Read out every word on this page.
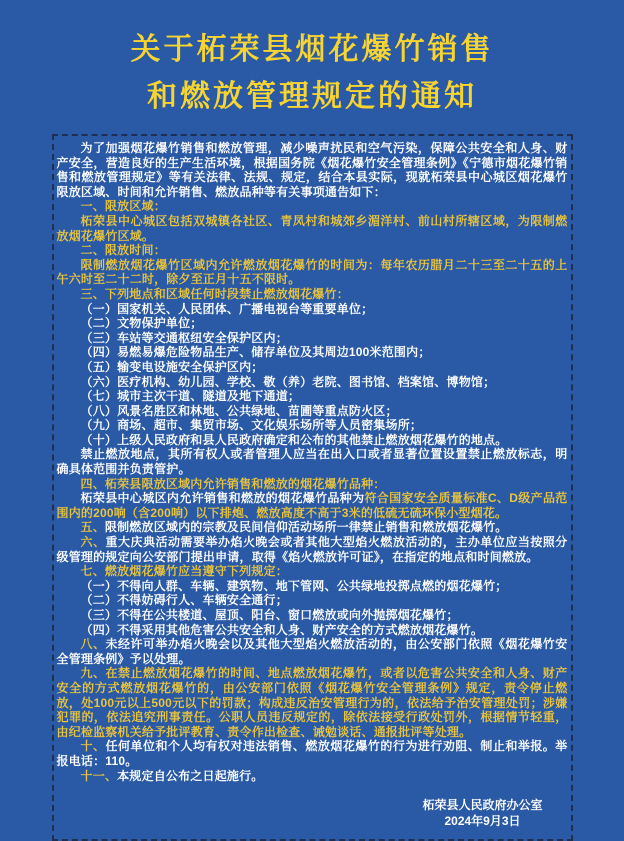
关于柘荣县烟花爆竹销售
和燃放管理规定的通知

为了加强烟花爆竹销售和燃放管理，减少噪声扰民和空气污染，保障公共安全和人身、财产安全，营造良好的生产生活环境，根据国务院《烟花爆竹安全管理条例》《宁德市烟花爆竹销售和燃放管理规定》等有关法律、法规、规定，结合本县实际，现就柘荣县中心城区烟花爆竹限放区域、时间和允许销售、燃放品种等有关事项通告如下：

一、限放区域：

柘荣县中心城区包括双城镇各社区、青凤村和城郊乡湄洋村、前山村所辖区域，为限制燃放烟花爆竹区域。

二、限放时间：

限制燃放烟花爆竹区域内允许燃放烟花爆竹的时间为：每年农历腊月二十三至二十五的上午六时至二十二时，除夕至正月十五不限时。

三、下列地点和区域任何时段禁止燃放烟花爆竹：

（一）国家机关、人民团体、广播电视台等重要单位；

（二）文物保护单位；

（三）车站等交通枢纽安全保护区内；

（四）易燃易爆危险物品生产、储存单位及其周边100米范围内；

（五）输变电设施安全保护区内；

（六）医疗机构、幼儿园、学校、敬（养）老院、图书馆、档案馆、博物馆；

（七）城市主次干道、隧道及地下通道；

（八）风景名胜区和林地、公共绿地、苗圃等重点防火区；

（九）商场、超市、集贸市场、文化娱乐场所等人员密集场所；

（十）上级人民政府和县人民政府确定和公布的其他禁止燃放烟花爆竹的地点。

禁止燃放地点，其所有权人或者管理人应当在出入口或者显著位置设置禁止燃放标志，明确具体范围并负责管护。

四、柘荣县限放区域内允许销售和燃放的烟花爆竹品种：

柘荣县中心城区内允许销售和燃放的烟花爆竹品种为符合国家安全质量标准C、D级产品范围内的200响（含200响）以下排炮、燃放高度不高于3米的低硫无硫环保小型烟花。

五、限制燃放区域内的宗教及民间信仰活动场所一律禁止销售和燃放烟花爆竹。

六、重大庆典活动需要举办焰火晚会或者其他大型焰火燃放活动的，主办单位应当按照分级管理的规定向公安部门提出申请，取得《焰火燃放许可证》，在指定的地点和时间燃放。

七、燃放烟花爆竹应当遵守下列规定：

（一）不得向人群、车辆、建筑物、地下管网、公共绿地投掷点燃的烟花爆竹；

（二）不得妨碍行人、车辆安全通行；

（三）不得在公共楼道、屋顶、阳台、窗口燃放或向外抛掷烟花爆竹；

（四）不得采用其他危害公共安全和人身、财产安全的方式燃放烟花爆竹。

八、未经许可举办焰火晚会以及其他大型焰火燃放活动的，由公安部门依照《烟花爆竹安全管理条例》予以处理。

九、在禁止燃放烟花爆竹的时间、地点燃放烟花爆竹，或者以危害公共安全和人身、财产安全的方式燃放烟花爆竹的，由公安部门依照《烟花爆竹安全管理条例》规定，责令停止燃放，处100元以上500元以下的罚款；构成违反治安管理行为的，依法给予治安管理处罚；涉嫌犯罪的，依法追究刑事责任。公职人员违反规定的，除依法接受行政处罚外，根据情节轻重，由纪检监察机关给予批评教育、责令作出检查、诫勉谈话、通报批评等处理。

十、任何单位和个人均有权对违法销售、燃放烟花爆竹的行为进行劝阻、制止和举报。举报电话：110。

十一、本规定自公布之日起施行。

柘荣县人民政府办公室
2024年9月3日
